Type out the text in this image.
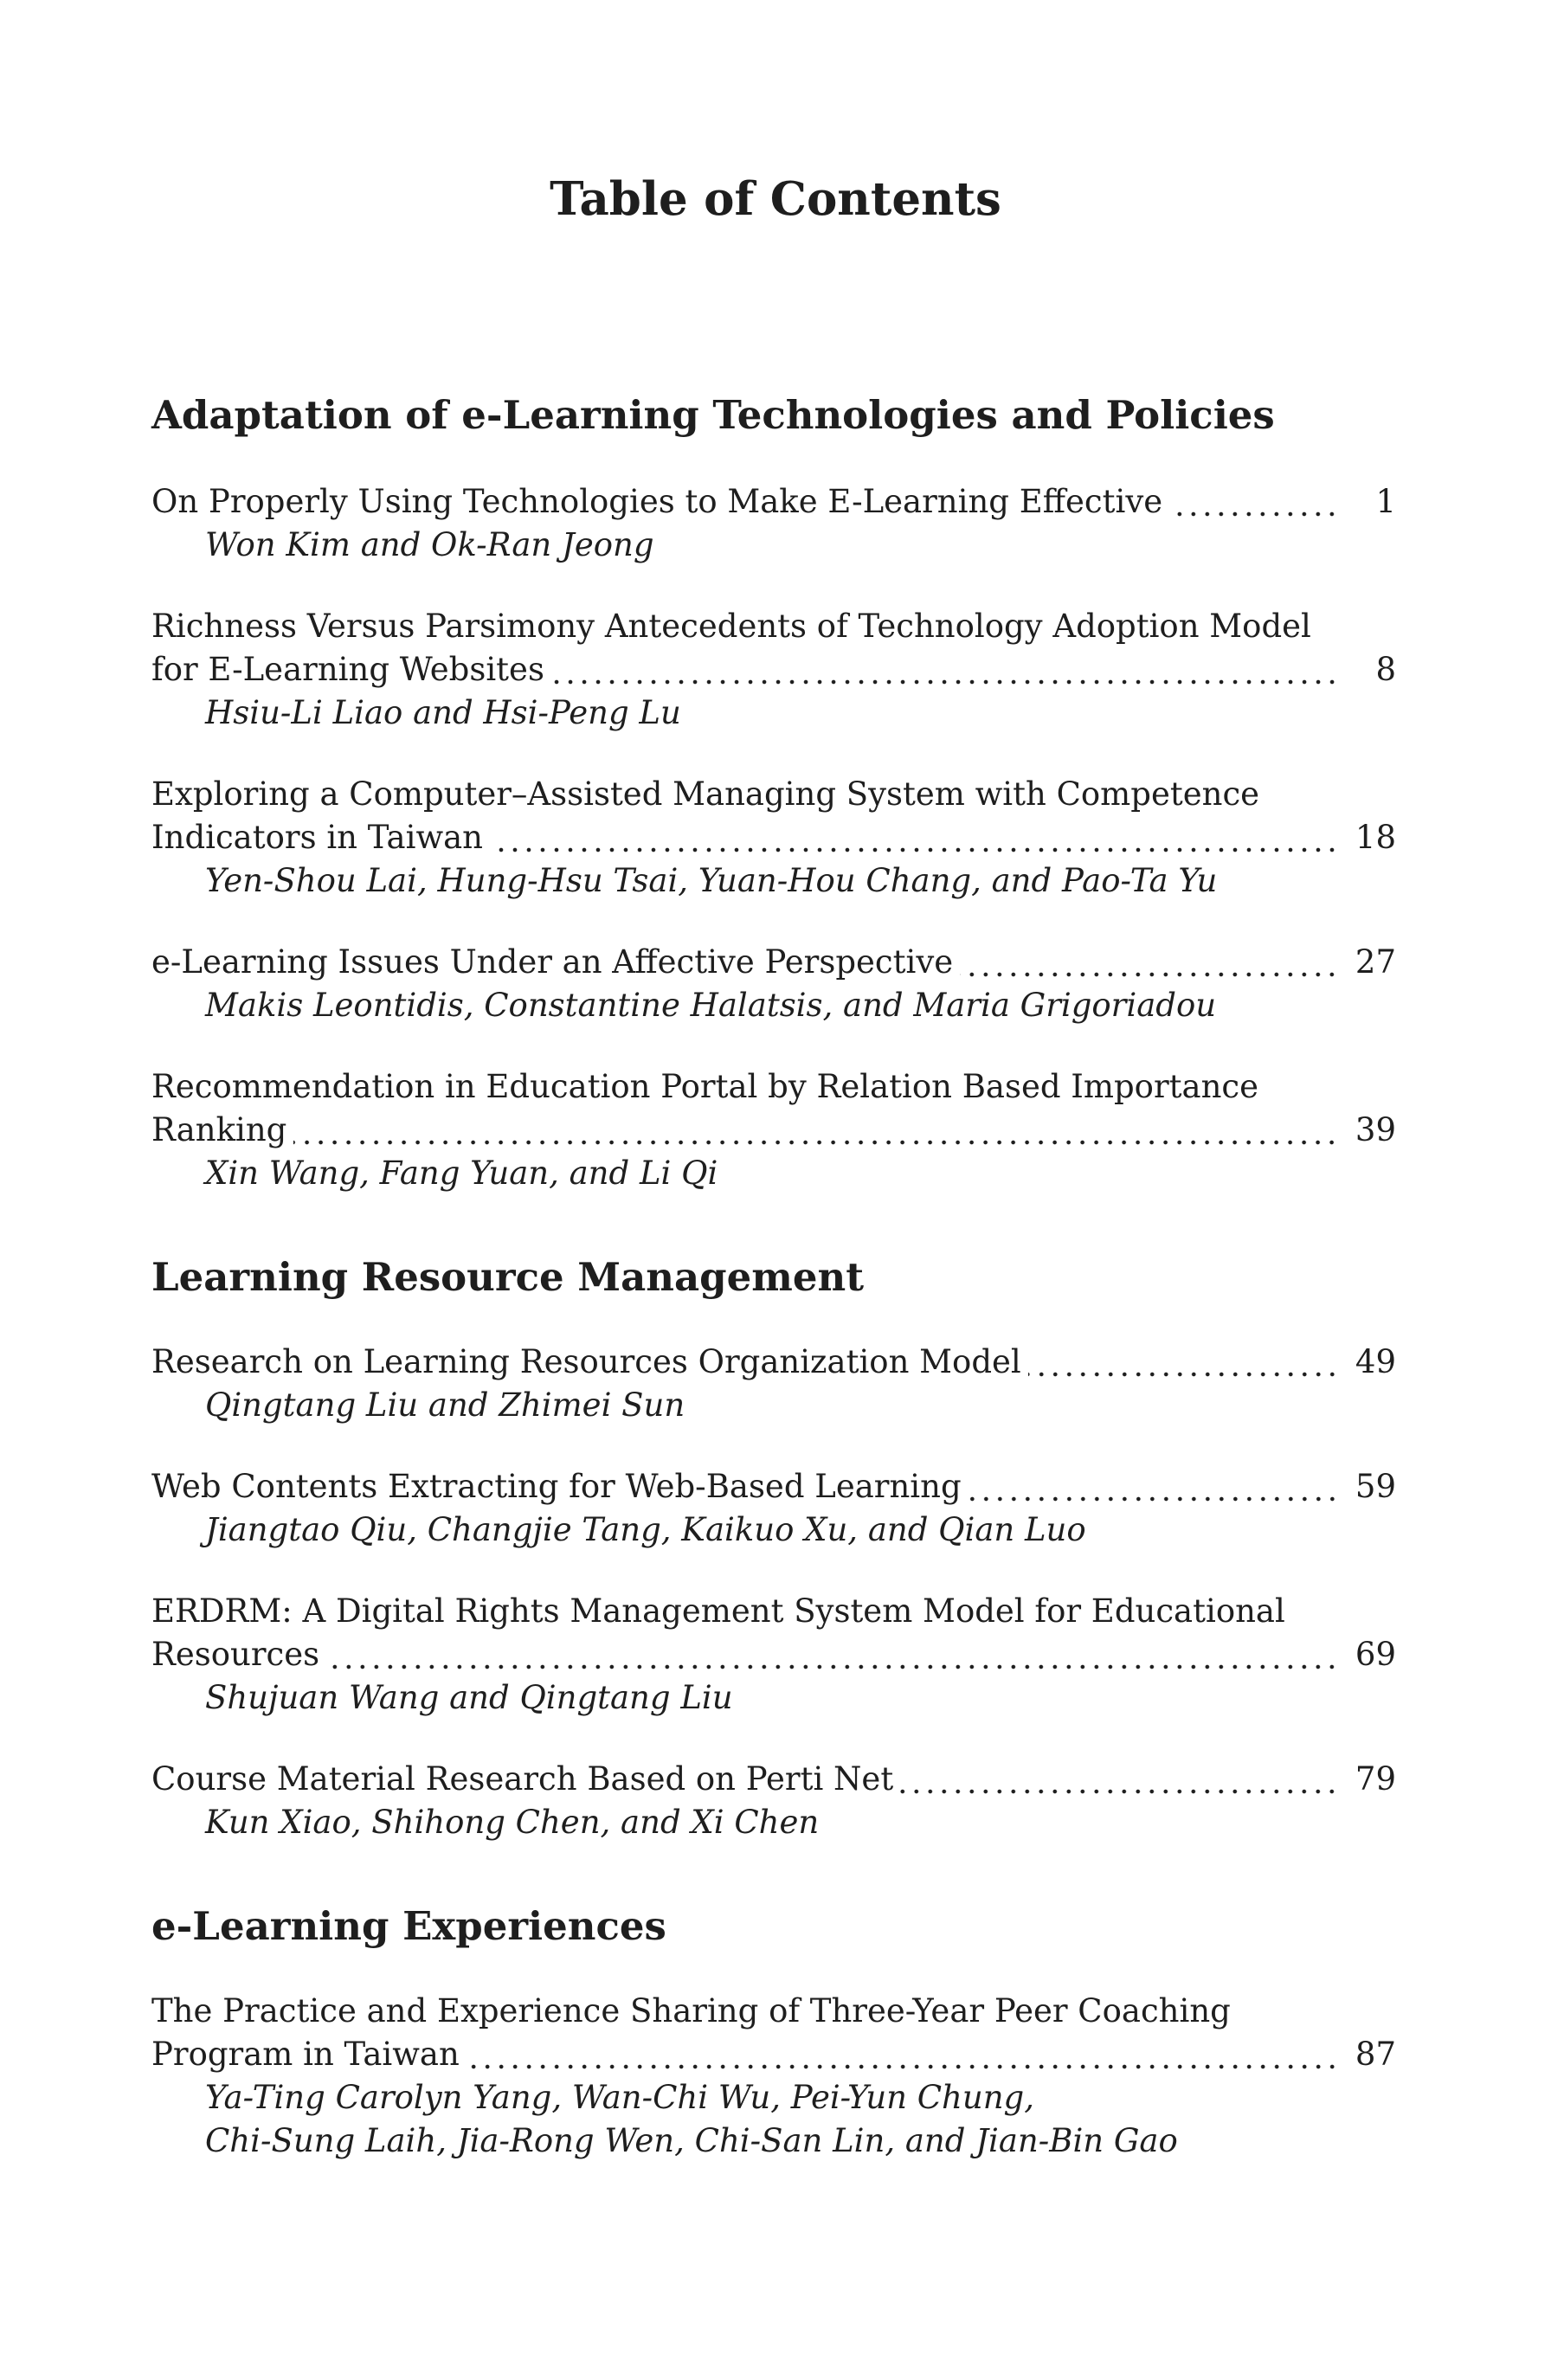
Table of Contents
Adaptation of e-Learning Technologies and Policies
On Properly Using Technologies to Make E-Learning Effective	1
Won Kim and Ok-Ran Jeong
Richness Versus Parsimony Antecedents of Technology Adoption Model
for E-Learning Websites	8
Hsiu-Li Liao and Hsi-Peng Lu
Exploring a Computer–Assisted Managing System with Competence
Indicators in Taiwan	18
Yen-Shou Lai, Hung-Hsu Tsai, Yuan-Hou Chang, and Pao-Ta Yu
e-Learning Issues Under an Affective Perspective	27
Makis Leontidis, Constantine Halatsis, and Maria Grigoriadou
Recommendation in Education Portal by Relation Based Importance
Ranking	39
Xin Wang, Fang Yuan, and Li Qi
Learning Resource Management
Research on Learning Resources Organization Model	49
Qingtang Liu and Zhimei Sun
Web Contents Extracting for Web-Based Learning	59
Jiangtao Qiu, Changjie Tang, Kaikuo Xu, and Qian Luo
ERDRM: A Digital Rights Management System Model for Educational
Resources	69
Shujuan Wang and Qingtang Liu
Course Material Research Based on Perti Net	79
Kun Xiao, Shihong Chen, and Xi Chen
e-Learning Experiences
The Practice and Experience Sharing of Three-Year Peer Coaching
Program in Taiwan	87
Ya-Ting Carolyn Yang, Wan-Chi Wu, Pei-Yun Chung,
Chi-Sung Laih, Jia-Rong Wen, Chi-San Lin, and Jian-Bin Gao
